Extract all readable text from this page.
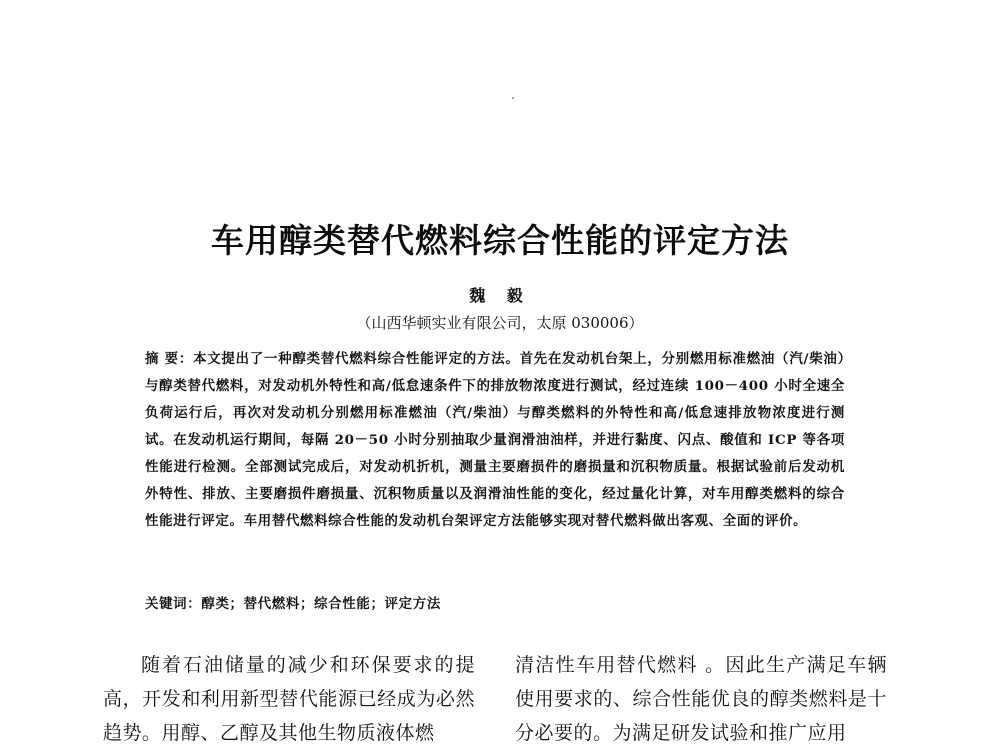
车用醇类替代燃料综合性能的评定方法
魏 毅
（山西华顿实业有限公司，太原 030006）
摘 要：本文提出了一种醇类替代燃料综合性能评定的方法。首先在发动机台架上，分别燃用标准燃油（汽/柴油）与醇类替代燃料，对发动机外特性和高/低怠速条件下的排放物浓度进行测试，经过连续 100－400 小时全速全负荷运行后，再次对发动机分别燃用标准燃油（汽/柴油）与醇类燃料的外特性和高/低怠速排放物浓度进行测试。在发动机运行期间，每隔 20－50 小时分别抽取少量润滑油油样，并进行黏度、闪点、酸值和 ICP 等各项性能进行检测。全部测试完成后，对发动机折机，测量主要磨损件的磨损量和沉积物质量。根据试验前后发动机外特性、排放、主要磨损件磨损量、沉积物质量以及润滑油性能的变化，经过量化计算，对车用醇类燃料的综合性能进行评定。车用替代燃料综合性能的发动机台架评定方法能够实现对替代燃料做出客观、全面的评价。
关键词：醇类；替代燃料；综合性能；评定方法
随着石油储量的减少和环保要求的提高，开发和利用新型替代能源已经成为必然趋势。用醇、乙醇及其他生物质液体燃
清洁性车用替代燃料 。因此生产满足车辆使用要求的、综合性能优良的醇类燃料是十分必要的。为满足研发试验和推广应用
